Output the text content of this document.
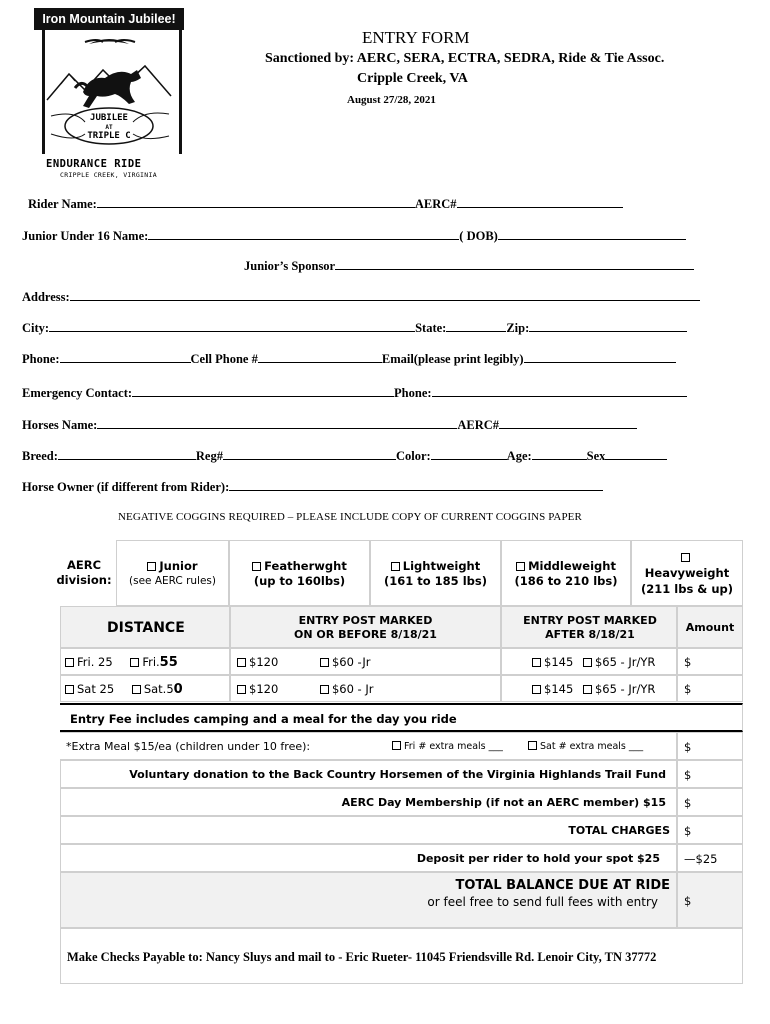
Iron Mountain Jubilee!
JUBILEE
AT
TRIPLE C
ENDURANCE RIDE
CRIPPLE CREEK, VIRGINIA
ENTRY FORM
Sanctioned by: AERC, SERA, ECTRA, SEDRA, Ride & Tie Assoc.
Cripple Creek, VA
August 27/28, 2021
Rider Name:	AERC#
Junior Under 16 Name:	( DOB)
Junior’s Sponsor
Address:
City:	State:	Zip:
Phone:	Cell Phone #	Email(please print legibly)
Emergency Contact:	Phone:
Horses Name:	AERC#
Breed:	Reg#	Color:	Age:	Sex
Horse Owner (if different from Rider):
NEGATIVE COGGINS REQUIRED – PLEASE INCLUDE COPY OF CURRENT COGGINS PAPER
AERC division:
Junior
(see AERC rules)
Featherwght
(up to 160lbs)
Lightweight
(161 to 185 lbs)
Middleweight
(186 to 210 lbs)
Heavyweight
(211 lbs & up)
DISTANCE	ENTRY POST MARKED
ON OR BEFORE 8/18/21
ENTRY POST MARKED
AFTER 8/18/21
Amount
Fri. 25	Fri.55	$120	$60 -Jr	$145 $65 - Jr/YR	$
Sat 25	Sat.50	$120	$60 - Jr	$145 $65 - Jr/YR	$
Entry Fee includes camping and a meal for the day you ride
*Extra Meal $15/ea (children under 10 free):	Fri # extra meals ___	Sat # extra meals ___	$
Voluntary donation to the Back Country Horsemen of the Virginia Highlands Trail Fund	$
AERC Day Membership (if not an AERC member) $15	$
TOTAL CHARGES	$
Deposit per rider to hold your spot $25	—$25
TOTAL BALANCE DUE AT RIDE
or feel free to send full fees with entry	$
Make Checks Payable to: Nancy Sluys and mail to - Eric Rueter- 11045 Friendsville Rd. Lenoir City, TN 37772
